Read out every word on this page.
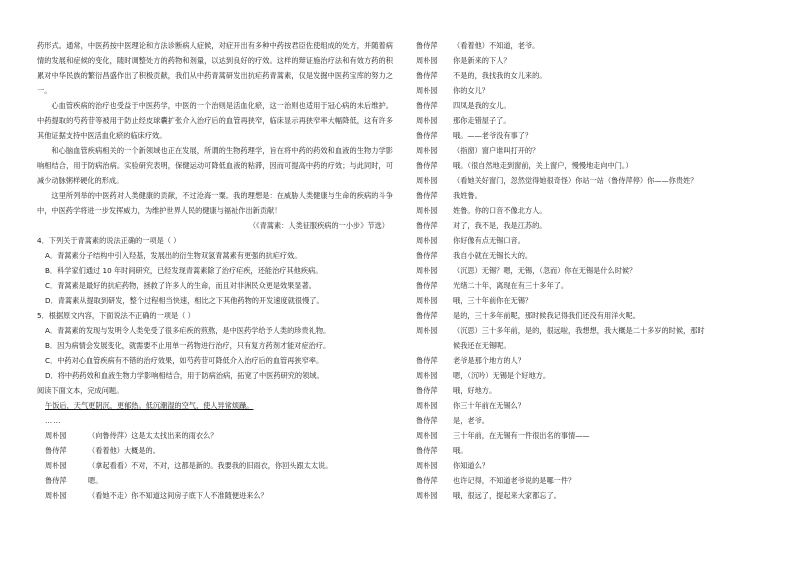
药形式。通常，中医药按中医理论和方法诊断病人症候，对症开出有多种中药按君臣佐使组成的处方，并随着病情的发展和症候的变化，随时调整处方的药物和剂量，以达到良好的疗效。这样的辩证施治疗法和有效方药的积累对中华民族的繁衍昌盛作出了积极贡献，我们从中药青蒿研发出抗疟药青蒿素，仅是发掘中医药宝库的努力之一。

心血管疾病的治疗也受益于中医药学，中医的一个治则是活血化瘀，这一治则也适用于冠心病的未后维护。中药提取的芍药苷等被用于防止经皮球囊扩张介入治疗后的血管再狭窄，临床显示再狭窄率大幅降低，这有许多其他证据支持中医活血化瘀的临床疗效。

和心脑血管疾病相关的一个新领域也正在发展，所谓的生物药理学，旨在将中药的药效和血液的生物力学影响相结合，用于防病治病。实验研究表明，保健运动可降低血液的粘滞，因而可提高中药的疗效；与此同时，可减少动脉粥样硬化的形成。

这里所列举的中医药对人类健康的贡献，不过沧海一粟。我的理想是：在威胁人类健康与生命的疾病的斗争中，中医药学将进一步发挥威力，为维护世界人民的健康与福祉作出新贡献！

（《青蒿素：人类征服疾病的一小步》节选）

4．下列关于青蒿素的说法正确的一项是（ ）

A．青蒿素分子结构中引入羟基，发展出的衍生物双氢青蒿素有更强的抗疟疗效。

B．科学家们通过 10 年时间研究，已经发现青蒿素除了治疗疟疾，还能治疗其他疾病。

C．青蒿素是最好的抗疟药物，拯救了许多人的生命，而且对非洲民众更是效果显著。

D．青蒿素从提取到研发，整个过程相当快速，相比之下其他药物的开发速度就很慢了。

5．根据原文内容，下面说法不正确的一项是（ ）

A．青蒿素的发现与发明令人类免受了很多疟疾的煎熬，是中医药学给予人类的珍贵礼物。

B．因为病情会发展变化，就需要不止用单一药物进行治疗，只有复方药剂才能对症治疗。

C．中药对心血管疾病有不错的治疗效果，如芍药苷可降低介入治疗后的血管再狭窄率。

D．将中药药效和血液生物力学影响相结合，用于防病治病，拓宽了中医药研究的领域。

阅读下面文本，完成问题。

午饭后，天气更阴沉，更郁热。低沉潮湿的空气，使人异常烦躁。

……

周朴园	（向鲁侍萍）这是太太找出来的雨衣么？
鲁侍萍	（看着他）大概是的。
周朴园	（拿起看看）不对，不对，这都是新的。我要我的旧雨衣，你回头跟太太说。
鲁侍萍	嗯。
周朴园	（看她不走）你不知道这间房子底下人不准随便进来么？
鲁侍萍	（看着他）不知道，老爷。
周朴园	你是新来的下人？
鲁侍萍	不是的，我找我的女儿来的。
周朴园	你的女儿？
鲁侍萍	四凤是我的女儿。
周朴园	那你走错屋子了。
鲁侍萍	哦。——老爷没有事了？
周朴园	（指窗）窗户谁叫打开的？
鲁侍萍	哦。（很自然地走到窗前，关上窗户，慢慢地走向中门。）
周朴园	（看她关好窗门，忽然觉得她很奇怪）你站一站（鲁侍萍停）你——你贵姓？
鲁侍萍	我姓鲁。
周朴园	姓鲁。你的口音不像北方人。
鲁侍萍	对了，我不是，我是江苏的。
周朴园	你好像有点无锡口音。
鲁侍萍	我自小就在无锡长大的。
周朴园	（沉思）无锡？嗯，无锡，（忽而）你在无锡是什么时候？
鲁侍萍	光绪二十年，离现在有三十多年了。
周朴园	哦，三十年前你在无锡？
鲁侍萍	是的，三十多年前呢，那时候我记得我们还没有用洋火呢。
周朴园	（沉思）三十多年前，是的，很远啦，我想想，我大概是二十多岁的时候，那时

候我还在无锡呢。

鲁侍萍	老爷是那个地方的人？
周朴园	嗯，（沉吟）无锡是个好地方。
鲁侍萍	哦，好地方。
周朴园	你三十年前在无锡么？
鲁侍萍	是，老爷。
周朴园	三十年前，在无锡有一件很出名的事情——
鲁侍萍	哦。
周朴园	你知道么？
鲁侍萍	也许记得，不知道老爷说的是哪一件？
周朴园	哦，很远了，提起来大家都忘了。
